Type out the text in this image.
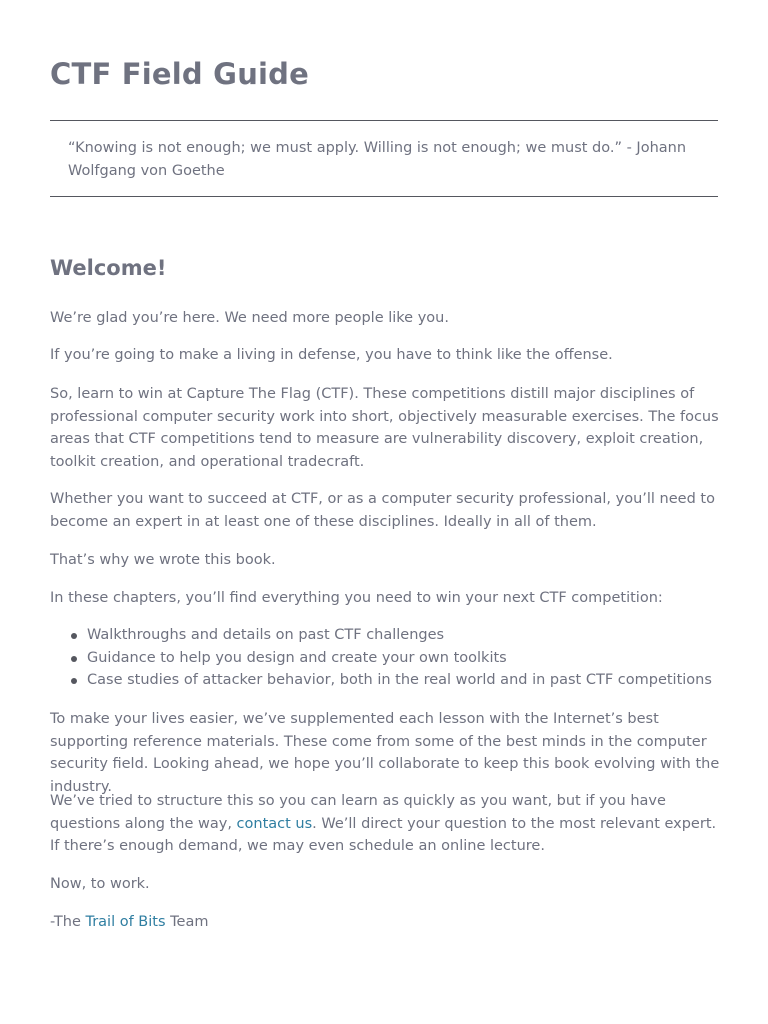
CTF Field Guide

“Knowing is not enough; we must apply. Willing is not enough; we must do.” - Johann Wolfgang von Goethe

Welcome!

We’re glad you’re here. We need more people like you.

If you’re going to make a living in defense, you have to think like the offense.

So, learn to win at Capture The Flag (CTF). These competitions distill major disciplines of professional computer security work into short, objectively measurable exercises. The focus areas that CTF competitions tend to measure are vulnerability discovery, exploit creation, toolkit creation, and operational tradecraft.

Whether you want to succeed at CTF, or as a computer security professional, you’ll need to become an expert in at least one of these disciplines. Ideally in all of them.

That’s why we wrote this book.

In these chapters, you’ll find everything you need to win your next CTF competition:

Walkthroughs and details on past CTF challenges
Guidance to help you design and create your own toolkits
Case studies of attacker behavior, both in the real world and in past CTF competitions

To make your lives easier, we’ve supplemented each lesson with the Internet’s best supporting reference materials. These come from some of the best minds in the computer security field. Looking ahead, we hope you’ll collaborate to keep this book evolving with the industry.

We’ve tried to structure this so you can learn as quickly as you want, but if you have questions along the way, contact us. We’ll direct your question to the most relevant expert. If there’s enough demand, we may even schedule an online lecture.

Now, to work.

-The Trail of Bits Team
